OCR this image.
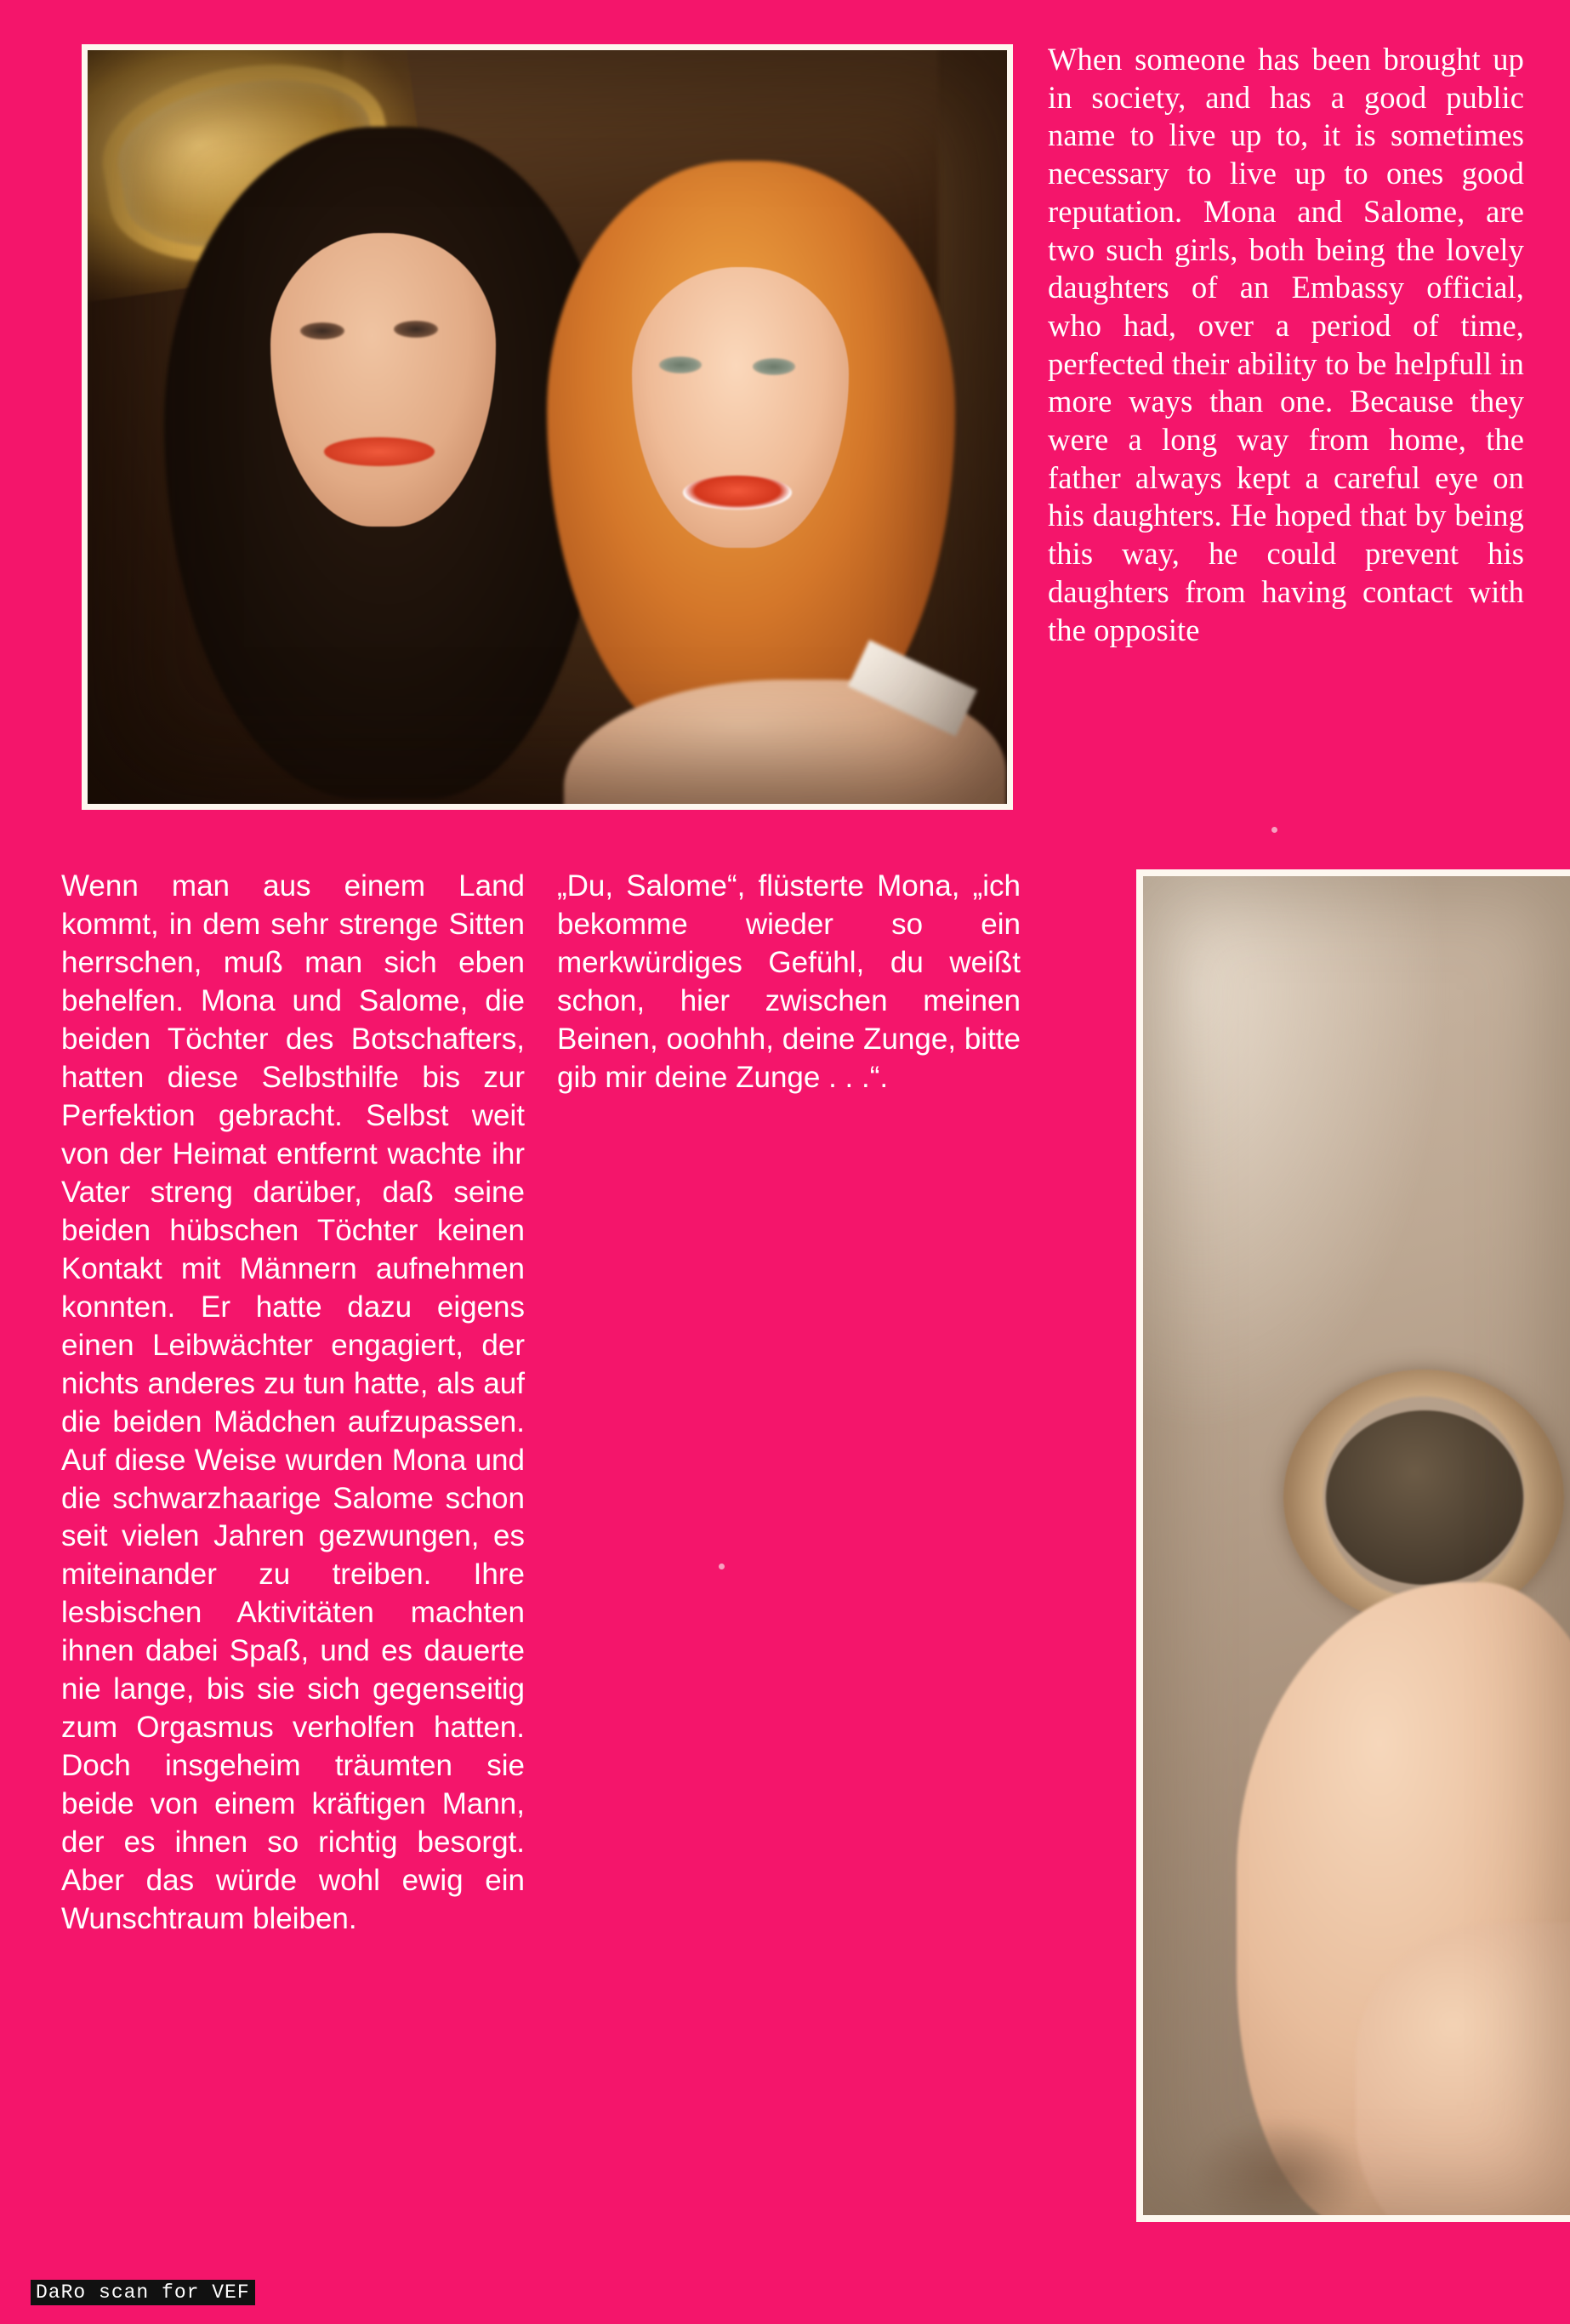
When someone has been brought up in society, and has a good public name to live up to, it is sometimes necessary to live up to ones good reputation. Mona and Salome, are two such girls, both being the lovely daughters of an Embassy official, who had, over a period of time, perfected their ability to be helpfull in more ways than one. Because they were a long way from home, the father always kept a careful eye on his daughters. He hoped that by being this way, he could prevent his daughters from having contact with the opposite
Wenn man aus einem Land kommt, in dem sehr strenge Sitten herrschen, muß man sich eben behelfen. Mona und Salome, die beiden Töchter des Botschafters, hatten diese Selbsthilfe bis zur Perfektion gebracht. Selbst weit von der Heimat entfernt wachte ihr Vater streng darüber, daß seine beiden hübschen Töchter keinen Kontakt mit Männern aufnehmen konnten. Er hatte dazu eigens einen Leibwächter engagiert, der nichts anderes zu tun hatte, als auf die beiden Mädchen aufzupassen. Auf diese Weise wurden Mona und die schwarzhaarige Salome schon seit vielen Jahren gezwungen, es miteinander zu treiben. Ihre lesbischen Aktivitäten machten ihnen dabei Spaß, und es dauerte nie lange, bis sie sich gegenseitig zum Orgasmus verholfen hatten. Doch insgeheim träumten sie beide von einem kräftigen Mann, der es ihnen so richtig besorgt. Aber das würde wohl ewig ein Wunschtraum bleiben.
„Du, Salome“, flüsterte Mona, „ich bekomme wieder so ein merkwürdiges Gefühl, du weißt schon, hier zwischen meinen Beinen, ooohhh, deine Zunge, bitte gib mir deine Zunge . . .“.
DaRo scan for VEF
